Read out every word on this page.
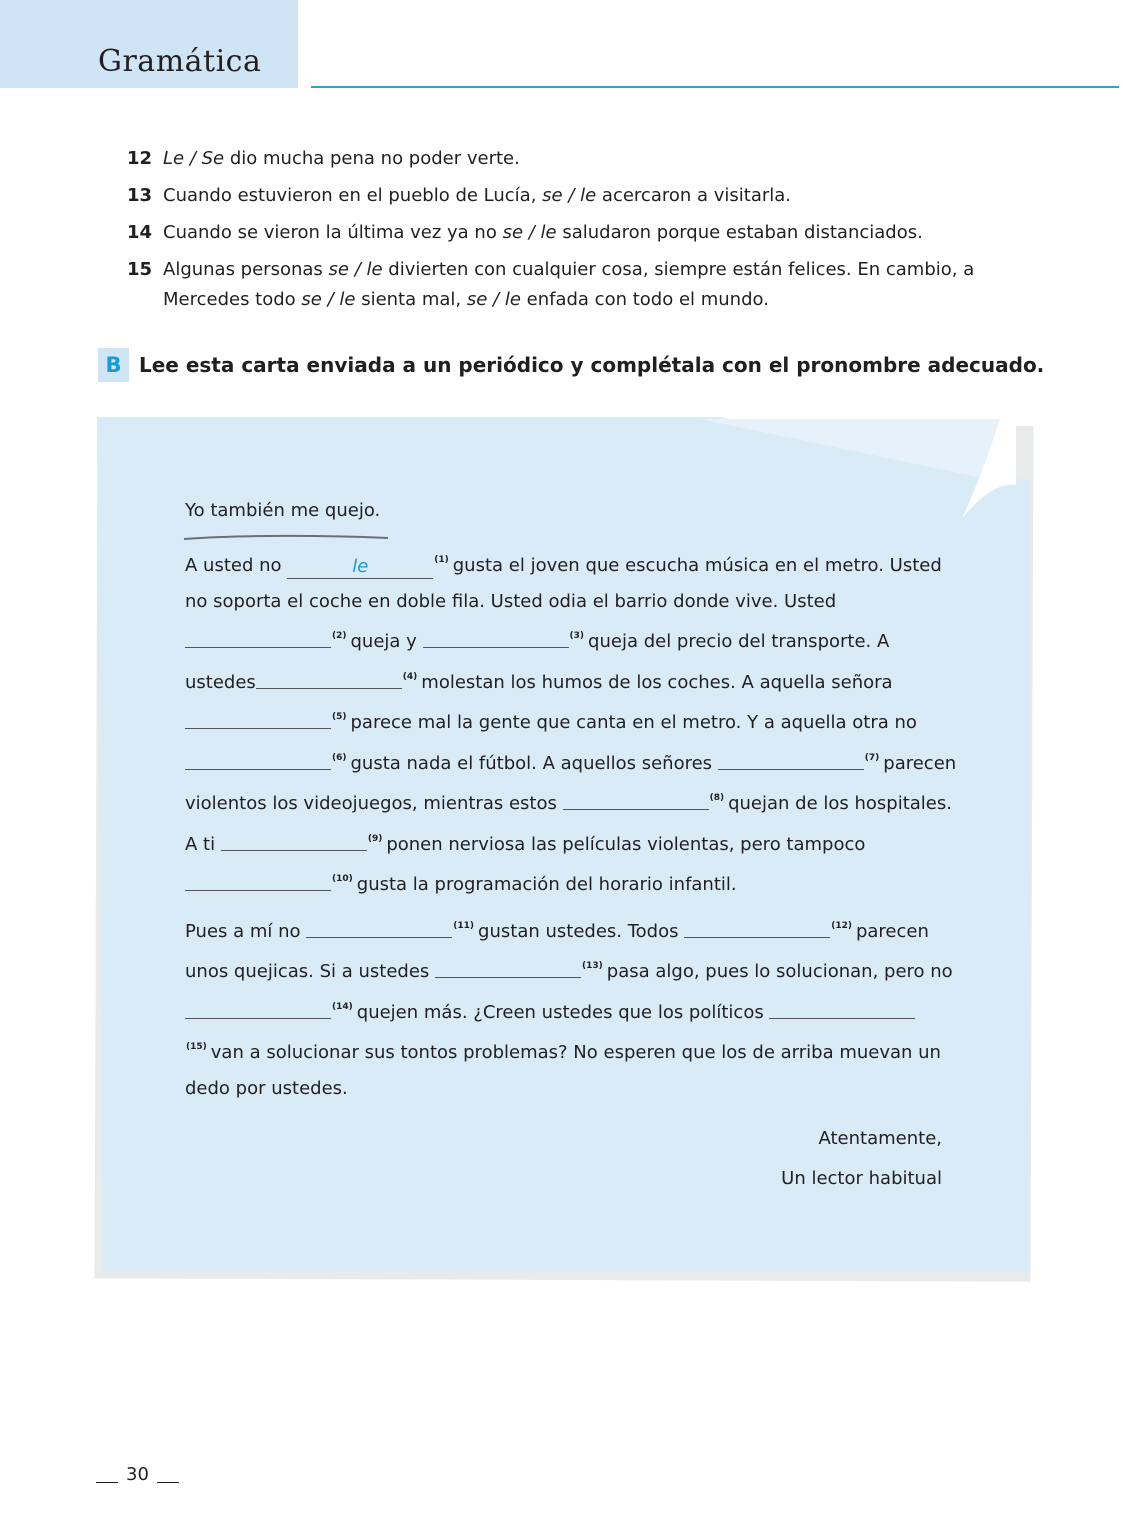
Gramática
12 Le / Se dio mucha pena no poder verte.
13 Cuando estuvieron en el pueblo de Lucía, se / le acercaron a visitarla.
14 Cuando se vieron la última vez ya no se / le saludaron porque estaban distanciados.
15 Algunas personas se / le divierten con cualquier cosa, siempre están felices. En cambio, a Mercedes todo se / le sienta mal, se / le enfada con todo el mundo.
B Lee esta carta enviada a un periódico y complétala con el pronombre adecuado.
Yo también me quejo.
A usted no	le	$^{(1)}$ gusta el joven que escucha música en el metro. Usted no soporta el coche en doble fila. Usted odia el barrio donde vive. Usted $^{(2)}$ queja y	$^{(3)}$ queja del precio del transporte. A ustedes	$^{(4)}$ molestan los humos de los coches. A aquella señora $^{(5)}$ parece mal la gente que canta en el metro. Y a aquella otra no $^{(6)}$ gusta nada el fútbol. A aquellos señores	$^{(7)}$ parecen violentos los videojuegos, mientras estos	$^{(8)}$ quejan de los hospitales. A ti	$^{(9)}$ ponen nerviosa las películas violentas, pero tampoco $^{(10)}$ gusta la programación del horario infantil.
Pues a mí no	$^{(11)}$ gustan ustedes. Todos	$^{(12)}$ parecen unos quejicas. Si a ustedes	$^{(13)}$ pasa algo, pues lo solucionan, pero no $^{(14)}$ quejen más. ¿Creen ustedes que los políticos $^{(15)}$ van a solucionar sus tontos problemas? No esperen que los de arriba muevan un dedo por ustedes.
Atentamente,
Un lector habitual
30
